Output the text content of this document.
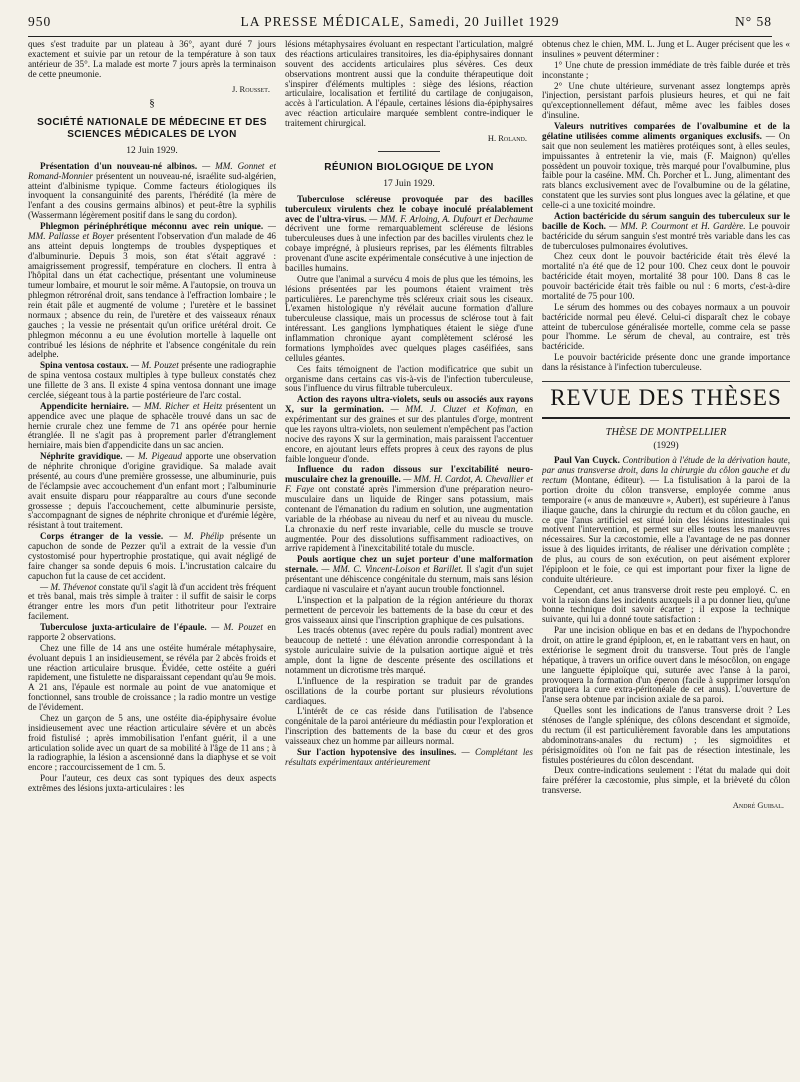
950	LA PRESSE MÉDICALE, Samedi, 20 Juillet 1929	N° 58

ques s'est traduite par un plateau à 36°, ayant duré 7 jours exactement et suivie par un retour de la température à son taux antérieur de 35°. La malade est morte 7 jours après la terminaison de cette pneumonie.

J. Rousset.

§
SOCIÉTÉ NATIONALE DE MÉDECINE ET DES SCIENCES MÉDICALES DE LYON
12 Juin 1929.

Présentation d'un nouveau-né albinos. — MM. Gonnet et Romand-Monnier présentent un nouveau-né, israélite sud-algérien, atteint d'albinisme typique. Comme facteurs étiologiques ils invoquent la consanguinité des parents, l'hérédité (la mère de l'enfant a des cousins germains albinos) et peut-être la syphilis (Wassermann légèrement positif dans le sang du cordon).

Phlegmon périnéphrétique méconnu avec rein unique. — MM. Pallasse et Boyer présentent l'observation d'un malade de 46 ans atteint depuis longtemps de troubles dyspeptiques et d'albuminurie. Depuis 3 mois, son état s'était aggravé : amaigrissement progressif, température en clochers. Il entra à l'hôpital dans un état cachectique, présentant une volumineuse tumeur lombaire, et mourut le soir même. A l'autopsie, on trouva un phlegmon rétrorénal droit, sans tendance à l'effraction lombaire ; le rein était pâle et augmenté de volume ; l'uretère et le bassinet normaux ; absence du rein, de l'uretère et des vaisseaux rénaux gauches ; la vessie ne présentait qu'un orifice urétéral droit. Ce phlegmon méconnu a eu une évolution mortelle à laquelle ont contribué les lésions de néphrite et l'absence congénitale du rein adelphe.

Spina ventosa costaux. — M. Pouzet présente une radiographie de spina ventosa costaux multiples à type bulleux constatés chez une fillette de 3 ans. Il existe 4 spina ventosa donnant une image cerclée, siégeant tous à la partie postérieure de l'arc costal.

Appendicite herniaire. — MM. Richer et Heitz présentent un appendice avec une plaque de sphacèle trouvé dans un sac de hernie crurale chez une femme de 71 ans opérée pour hernie étranglée. Il ne s'agit pas à proprement parler d'étranglement herniaire, mais bien d'appendicite dans un sac ancien.

Néphrite gravidique. — M. Pigeaud apporte une observation de néphrite chronique d'origine gravidique. Sa malade avait présenté, au cours d'une première grossesse, une albuminurie, puis de l'éclampsie avec accouchement d'un enfant mort ; l'albuminurie avait ensuite disparu pour réapparaître au cours d'une seconde grossesse ; depuis l'accouchement, cette albuminurie persiste, s'accompagnant de signes de néphrite chronique et d'urémie légère, résistant à tout traitement.

Corps étranger de la vessie. — M. Phélip présente un capuchon de sonde de Pezzer qu'il a extrait de la vessie d'un cystostomisé pour hypertrophie prostatique, qui avait négligé de faire changer sa sonde depuis 6 mois. L'incrustation calcaire du capuchon fut la cause de cet accident.

— M. Thévenot constate qu'il s'agit là d'un accident très fréquent et très banal, mais très simple à traiter : il suffit de saisir le corps étranger entre les mors d'un petit lithotriteur pour l'extraire facilement.

Tuberculose juxta-articulaire de l'épaule. — M. Pouzet en rapporte 2 observations.

Chez une fille de 14 ans une ostéite humérale métaphysaire, évoluant depuis 1 an insidieusement, se révéla par 2 abcès froids et une réaction articulaire brusque. Évidée, cette ostéite a guéri rapidement, une fistulette ne disparaissant cependant qu'au 9e mois. A 21 ans, l'épaule est normale au point de vue anatomique et fonctionnel, sans trouble de croissance ; la radio montre un vestige de l'évidement.

Chez un garçon de 5 ans, une ostéite dia-épiphysaire évolue insidieusement avec une réaction articulaire sévère et un abcès froid fistulisé ; après immobilisation l'enfant guérit, il a une articulation solide avec un quart de sa mobilité à l'âge de 11 ans ; à la radiographie, la lésion a ascensionné dans la diaphyse et se voit encore ; raccourcissement de 1 cm. 5.

Pour l'auteur, ces deux cas sont typiques des deux aspects extrêmes des lésions juxta-articulaires : les

lésions métaphysaires évoluant en respectant l'articulation, malgré des réactions articulaires transitoires, les dia-épiphysaires donnant souvent des accidents articulaires plus sévères. Ces deux observations montrent aussi que la conduite thérapeutique doit s'inspirer d'éléments multiples : siège des lésions, réaction articulaire, localisation et fertilité du cartilage de conjugaison, accès à l'articulation. A l'épaule, certaines lésions dia-épiphysaires avec réaction articulaire marquée semblent contre-indiquer le traitement chirurgical.

H. Roland.

RÉUNION BIOLOGIQUE DE LYON
17 Juin 1929.

Tuberculose scléreuse provoquée par des bacilles tuberculeux virulents chez le cobaye inoculé préalablement avec de l'ultra-virus. — MM. F. Arloing, A. Dufourt et Dechaume décrivent une forme remarquablement scléreuse de lésions tuberculeuses dues à une infection par des bacilles virulents chez le cobaye imprégné, à plusieurs reprises, par les éléments filtrables provenant d'une ascite expérimentale consécutive à une injection de bacilles humains.

Outre que l'animal a survécu 4 mois de plus que les témoins, les lésions présentées par les poumons étaient vraiment très particulières. Le parenchyme très scléreux criait sous les ciseaux. L'examen histologique n'y révélait aucune formation d'allure tuberculeuse classique, mais un processus de sclérose tout à fait intéressant. Les ganglions lymphatiques étaient le siège d'une inflammation chronique ayant complètement sclérosé les formations lymphoïdes avec quelques plages caséifiées, sans cellules géantes.

Ces faits témoignent de l'action modificatrice que subit un organisme dans certains cas vis-à-vis de l'infection tuberculeuse, sous l'influence du virus filtrable tuberculeux.

Action des rayons ultra-violets, seuls ou associés aux rayons X, sur la germination. — MM. J. Cluzet et Kofman, en expérimentant sur des graines et sur des plantules d'orge, montrent que les rayons ultra-violets, non seulement n'empêchent pas l'action nocive des rayons X sur la germination, mais paraissent l'accentuer encore, en ajoutant leurs effets propres à ceux des rayons de plus faible longueur d'onde.

Influence du radon dissous sur l'excitabilité neuro-musculaire chez la grenouille. — MM. H. Cardot, A. Chevallier et F. Faye ont constaté après l'immersion d'une préparation neuro-musculaire dans un liquide de Ringer sans potassium, mais contenant de l'émanation du radium en solution, une augmentation variable de la rhéobase au niveau du nerf et au niveau du muscle. La chronaxie du nerf reste invariable, celle du muscle se trouve augmentée. Pour des dissolutions suffisamment radioactives, on arrive rapidement à l'inexcitabilité totale du muscle.

Pouls aortique chez un sujet porteur d'une malformation sternale. — MM. C. Vincent-Loison et Barillet. Il s'agit d'un sujet présentant une déhiscence congénitale du sternum, mais sans lésion cardiaque ni vasculaire et n'ayant aucun trouble fonctionnel.

L'inspection et la palpation de la région antérieure du thorax permettent de percevoir les battements de la base du cœur et des gros vaisseaux ainsi que l'inscription graphique de ces pulsations.

Les tracés obtenus (avec repère du pouls radial) montrent avec beaucoup de netteté : une élévation anrondie correspondant à la systole auriculaire suivie de la pulsation aortique aiguë et très ample, dont la ligne de descente présente des oscillations et notamment un dicrotisme très marqué.

L'influence de la respiration se traduit par de grandes oscillations de la courbe portant sur plusieurs révolutions cardiaques.

L'intérêt de ce cas réside dans l'utilisation de l'absence congénitale de la paroi antérieure du médiastin pour l'exploration et l'inscription des battements de la base du cœur et des gros vaisseaux chez un homme par ailleurs normal.

Sur l'action hypotensive des insulines. — Complétant les résultats expérimentaux antérieurement

obtenus chez le chien, MM. L. Jung et L. Auger précisent que les « insulines » peuvent déterminer :

1° Une chute de pression immédiate de très faible durée et très inconstante ;

2° Une chute ultérieure, survenant assez longtemps après l'injection, persistant parfois plusieurs heures, et qui ne fait qu'exceptionnellement défaut, même avec les faibles doses d'insuline.

Valeurs nutritives comparées de l'ovalbumine et de la gélatine utilisées comme aliments organiques exclusifs. — On sait que non seulement les matières protéiques sont, à elles seules, impuissantes à entretenir la vie, mais (F. Maignon) qu'elles possèdent un pouvoir toxique, très marqué pour l'ovalbumine, plus faible pour la caséine. MM. Ch. Porcher et L. Jung, alimentant des rats blancs exclusivement avec de l'ovalbumine ou de la gélatine, constatent que les survies sont plus longues avec la gélatine, et que celle-ci a une toxicité moindre.

Action bactéricide du sérum sanguin des tuberculeux sur le bacille de Koch. — MM. P. Courmont et H. Gardère. Le pouvoir bactéricide du sérum sanguin s'est montré très variable dans les cas de tuberculoses pulmonaires évolutives.

Chez ceux dont le pouvoir bactéricide était très élevé la mortalité n'a été que de 12 pour 100. Chez ceux dont le pouvoir bactéricide était moyen, mortalité 38 pour 100. Dans 8 cas le pouvoir bactéricide était très faible ou nul : 6 morts, c'est-à-dire mortalité de 75 pour 100.

Le sérum des hommes ou des cobayes normaux a un pouvoir bactéricide normal peu élevé. Celui-ci disparaît chez le cobaye atteint de tuberculose généralisée mortelle, comme cela se passe pour l'homme. Le sérum de cheval, au contraire, est très bactéricide.

Le pouvoir bactéricide présente donc une grande importance dans la résistance à l'infection tuberculeuse.

REVUE DES THÈSES
THÈSE DE MONTPELLIER
(1929)

Paul Van Cuyck. Contribution à l'étude de la dérivation haute, par anus transverse droit, dans la chirurgie du côlon gauche et du rectum (Montane, éditeur). — La fistulisation à la paroi de la portion droite du côlon transverse, employée comme anus temporaire (« anus de manœuvre », Aubert), est supérieure à l'anus iliaque gauche, dans la chirurgie du rectum et du côlon gauche, en ce que l'anus artificiel est situé loin des lésions intestinales qui motivent l'intervention, et permet sur elles toutes les manœuvres nécessaires. Sur la cæcostomie, elle a l'avantage de ne pas donner issue à des liquides irritants, de réaliser une dérivation complète ; de plus, au cours de son exécution, on peut aisément explorer l'épiploon et le foie, ce qui est important pour fixer la ligne de conduite ultérieure.

Cependant, cet anus transverse droit reste peu employé. C. en voit la raison dans les incidents auxquels il a pu donner lieu, qu'une bonne technique doit savoir écarter ; il expose la technique suivante, qui lui a donné toute satisfaction :

Par une incision oblique en bas et en dedans de l'hypochondre droit, on attire le grand épiploon, et, en le rabattant vers en haut, on extériorise le segment droit du transverse. Tout près de l'angle hépatique, à travers un orifice ouvert dans le mésocôlon, on engage une languette épiploïque qui, suturée avec l'anse à la paroi, provoquera la formation d'un éperon (facile à supprimer lorsqu'on pratiquera la cure extra-péritonéale de cet anus). L'ouverture de l'anse sera obtenue par incision axiale de sa paroi.

Quelles sont les indications de l'anus transverse droit ? Les sténoses de l'angle splénique, des côlons descendant et sigmoïde, du rectum (il est particulièrement favorable dans les amputations abdominotrans-anales du rectum) ; les sigmoïdites et périsigmoïdites où l'on ne fait pas de résection intestinale, les fistules postérieures du côlon descendant.

Deux contre-indications seulement : l'état du malade qui doit faire préférer la cæcostomie, plus simple, et la brièveté du côlon transverse.

André Guibal.
